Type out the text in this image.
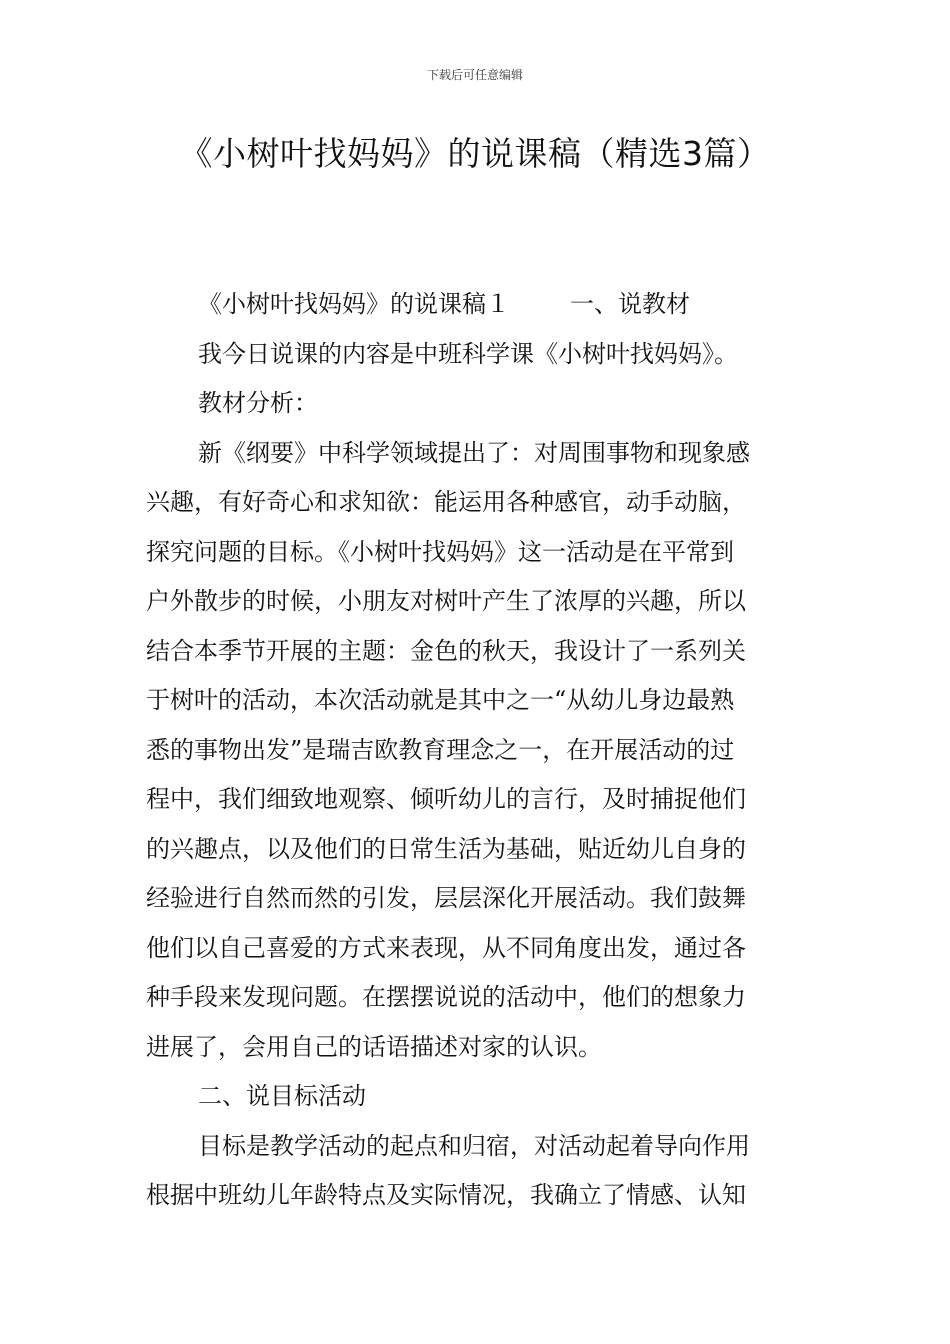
下载后可任意编辑
《小树叶找妈妈》的说课稿（精选3篇）
《小树叶找妈妈》的说课稿１	一、说教材
我今日说课的内容是中班科学课《小树叶找妈妈》。
教材分析：
新《纲要》中科学领域提出了：对周围事物和现象感
兴趣，有好奇心和求知欲：能运用各种感官，动手动脑，
探究问题的目标。《小树叶找妈妈》这一活动是在平常到
户外散步的时候，小朋友对树叶产生了浓厚的兴趣，所以
结合本季节开展的主题：金色的秋天，我设计了一系列关
于树叶的活动，本次活动就是其中之一“从幼儿身边最熟
悉的事物出发”是瑞吉欧教育理念之一，在开展活动的过
程中，我们细致地观察、倾听幼儿的言行，及时捕捉他们
的兴趣点，以及他们的日常生活为基础，贴近幼儿自身的
经验进行自然而然的引发，层层深化开展活动。我们鼓舞
他们以自己喜爱的方式来表现，从不同角度出发，通过各
种手段来发现问题。在摆摆说说的活动中，他们的想象力
进展了，会用自己的话语描述对家的认识。
二、说目标活动
目标是教学活动的起点和归宿，对活动起着导向作用
根据中班幼儿年龄特点及实际情况，我确立了情感、认知
